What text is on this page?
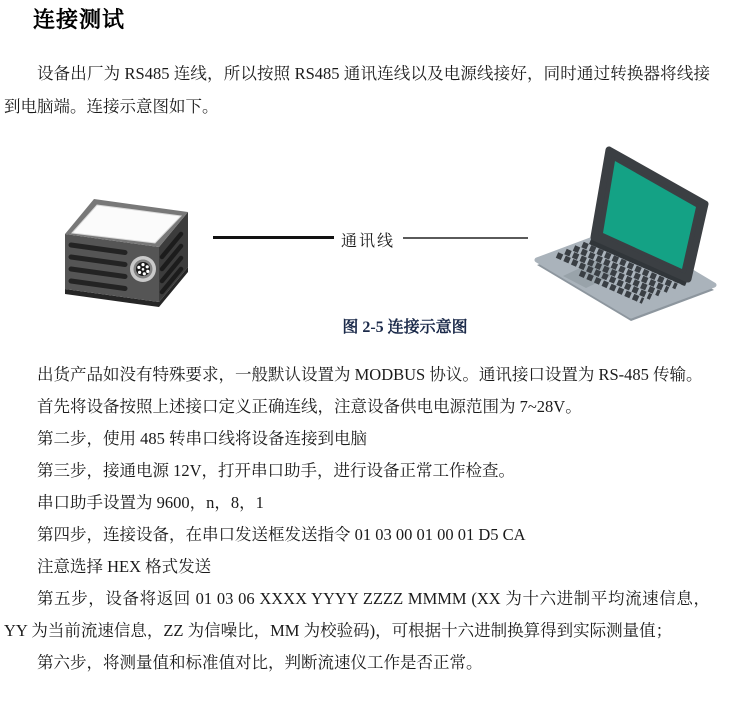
连接测试

设备出厂为 RS485 连线，所以按照 RS485 通讯连线以及电源线接好，同时通过转换器将线接到电脑端。连接示意图如下。

通讯线
图 2-5 连接示意图

出货产品如没有特殊要求，一般默认设置为 MODBUS 协议。通讯接口设置为 RS-485 传输。

首先将设备按照上述接口定义正确连线，注意设备供电电源范围为 7~28V。

第二步，使用 485 转串口线将设备连接到电脑

第三步，接通电源 12V，打开串口助手，进行设备正常工作检查。

串口助手设置为 9600，n，8，1

第四步，连接设备，在串口发送框发送指令 01 03 00 01 00 01 D5 CA

注意选择 HEX 格式发送

第五步，设备将返回 01 03 06 XXXX YYYY ZZZZ MMMM (XX 为十六进制平均流速信息，YY 为当前流速信息，ZZ 为信噪比，MM 为校验码)，可根据十六进制换算得到实际测量值；

第六步，将测量值和标准值对比，判断流速仪工作是否正常。
